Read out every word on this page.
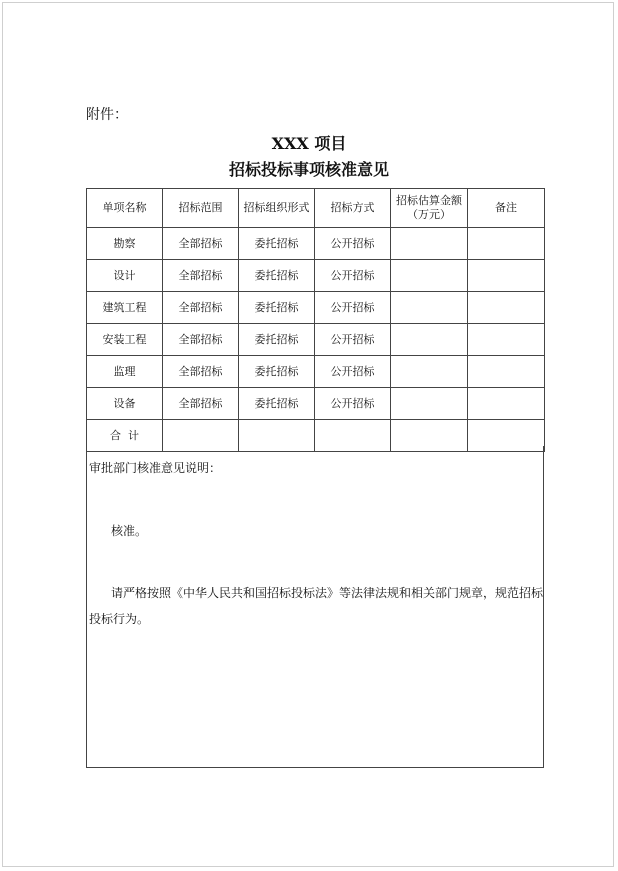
附件：
XXX 项目
招标投标事项核准意见
单项名称	招标范围	招标组织形式	招标方式	招标估算金额
（万元）	备注
勘察	全部招标	委托招标	公开招标		
设计	全部招标	委托招标	公开招标		
建筑工程	全部招标	委托招标	公开招标		
安装工程	全部招标	委托招标	公开招标		
监理	全部招标	委托招标	公开招标		
设备	全部招标	委托招标	公开招标		
合  计					
审批部门核准意见说明：
核准。
请严格按照《中华人民共和国招标投标法》等法律法规和相关部门规章，规范招标投标行为。
